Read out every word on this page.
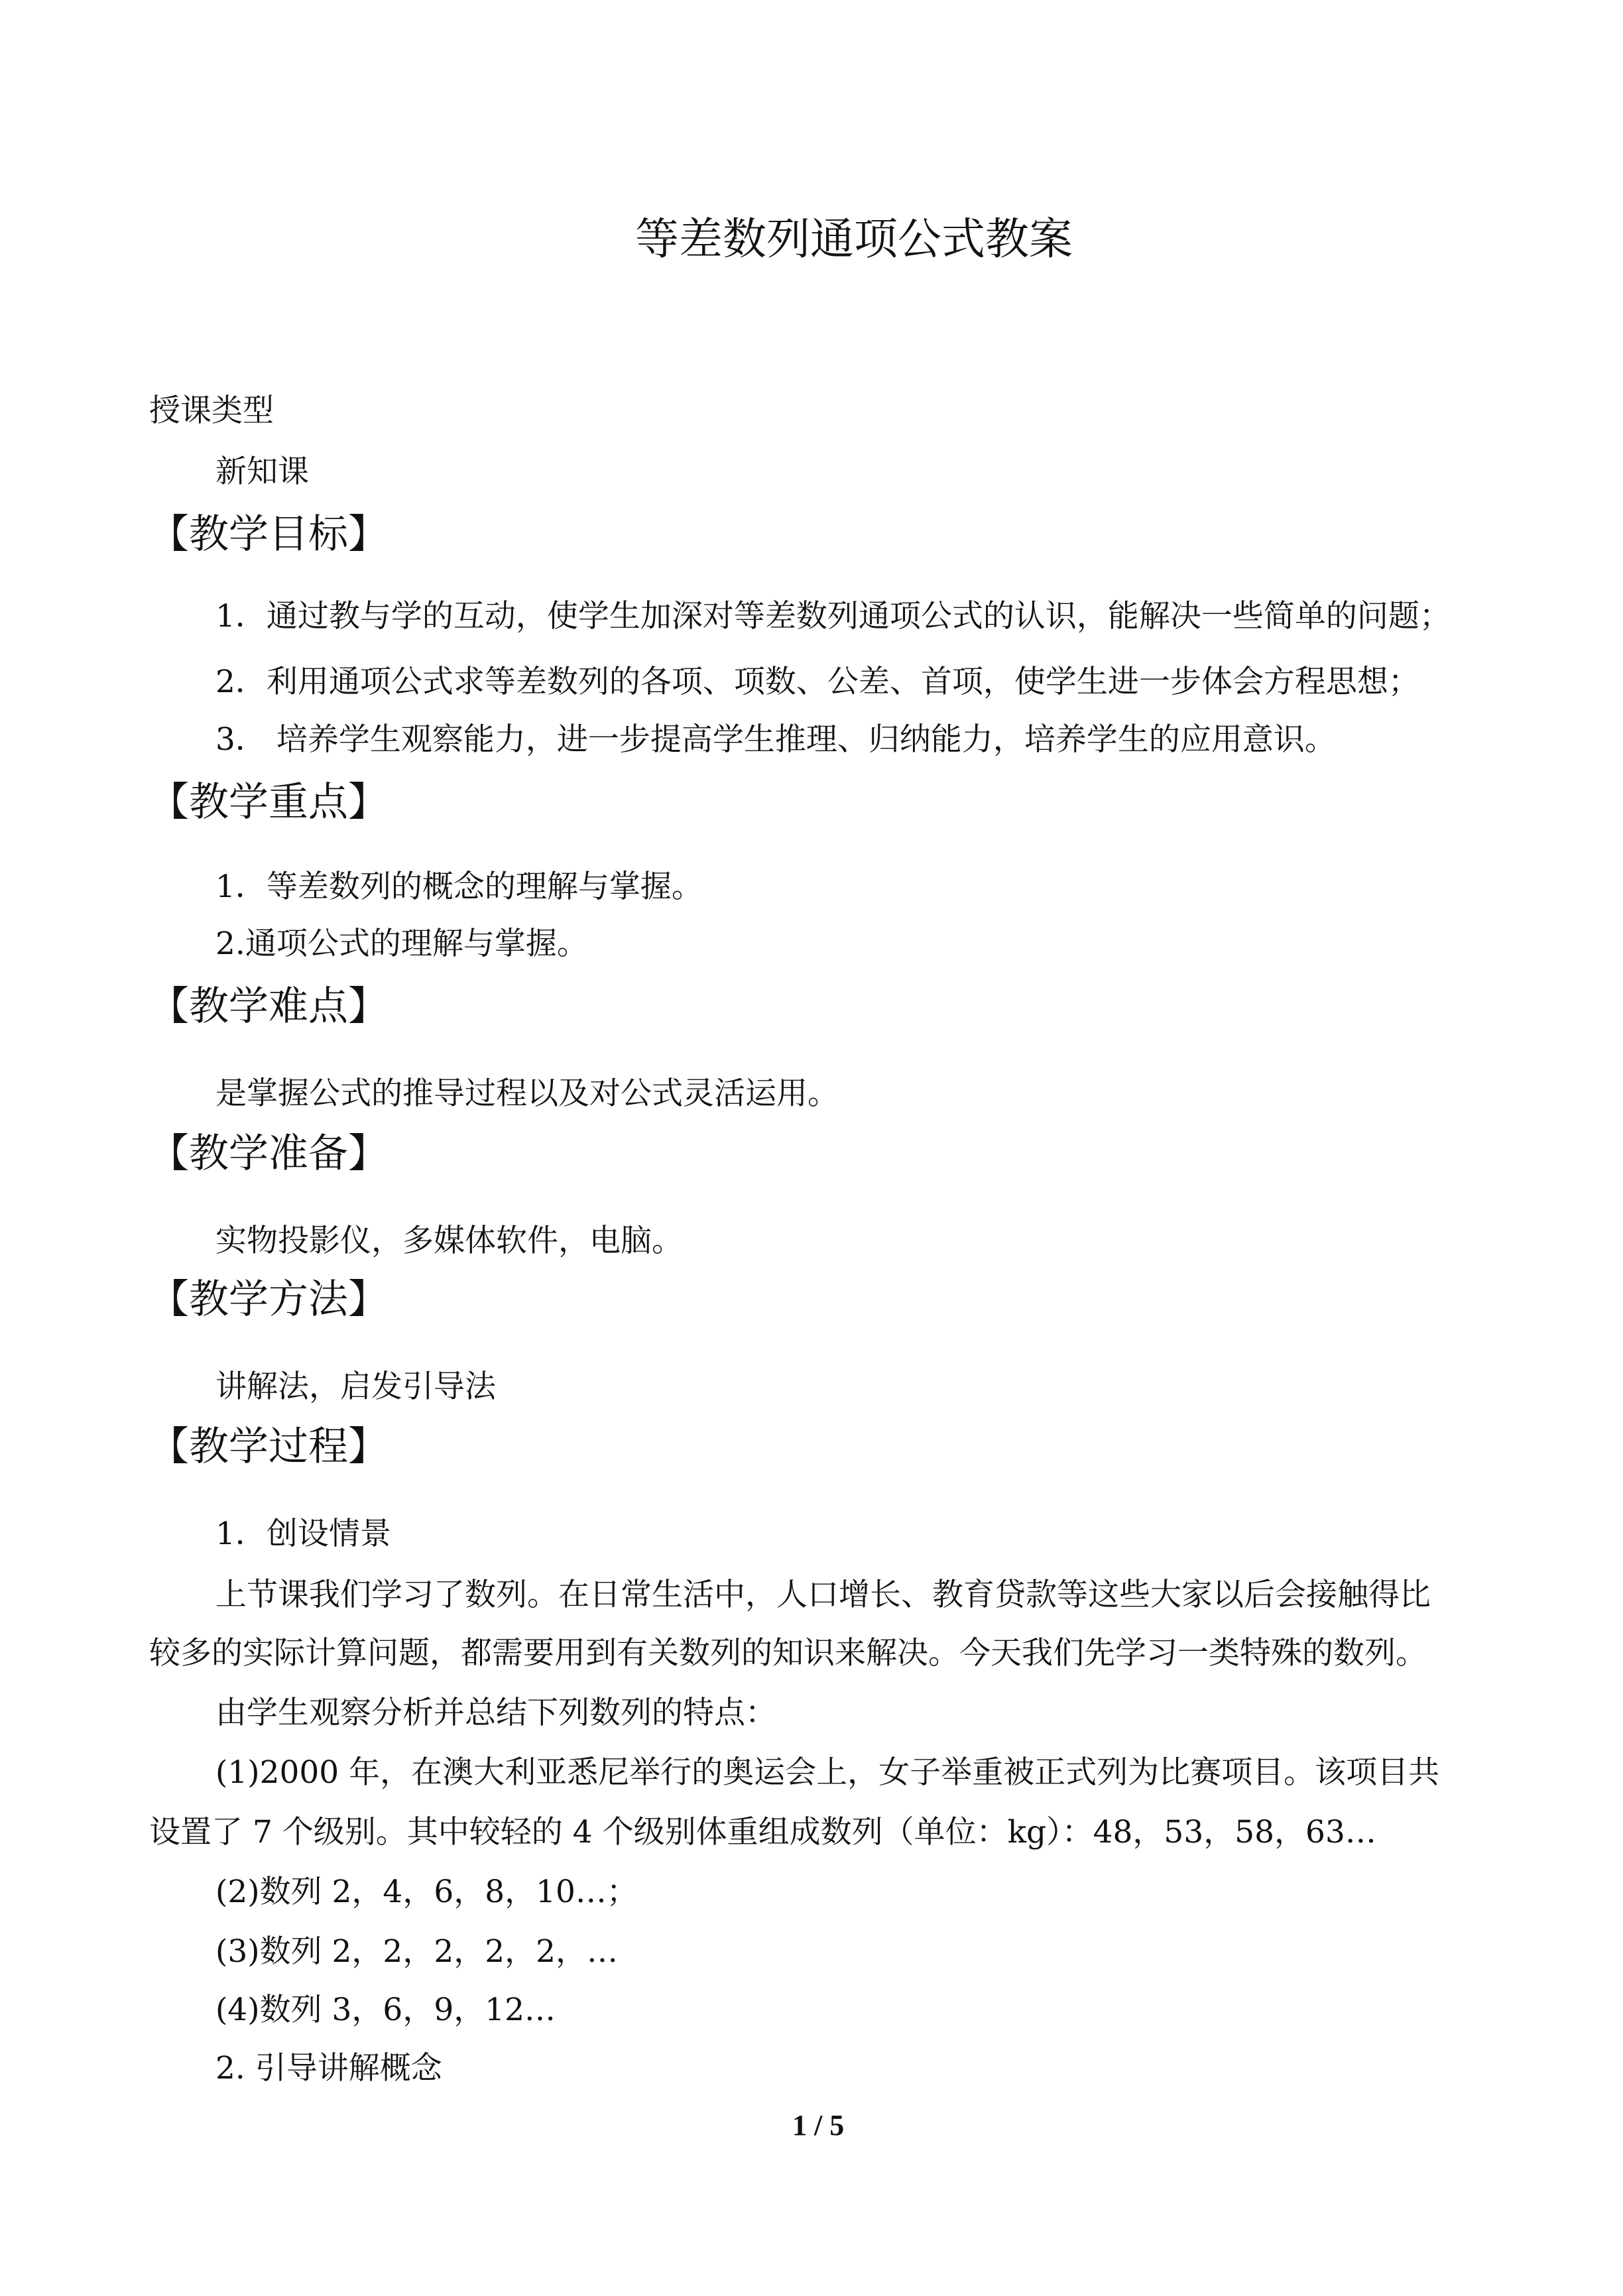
等差数列通项公式教案
授课类型
新知课
【教学目标】
1．通过教与学的互动，使学生加深对等差数列通项公式的认识，能解决一些简单的问题；
2．利用通项公式求等差数列的各项、项数、公差、首项，使学生进一步体会方程思想；
3． 培养学生观察能力，进一步提高学生推理、归纳能力，培养学生的应用意识。
【教学重点】
1．等差数列的概念的理解与掌握。
2.通项公式的理解与掌握。
【教学难点】
是掌握公式的推导过程以及对公式灵活运用。
【教学准备】
实物投影仪，多媒体软件，电脑。
【教学方法】
讲解法，启发引导法
【教学过程】
1．创设情景
上节课我们学习了数列。在日常生活中，人口增长、教育贷款等这些大家以后会接触得比
较多的实际计算问题，都需要用到有关数列的知识来解决。今天我们先学习一类特殊的数列。
由学生观察分析并总结下列数列的特点：
(1)2000 年，在澳大利亚悉尼举行的奥运会上，女子举重被正式列为比赛项目。该项目共
设置了 7 个级别。其中较轻的 4 个级别体重组成数列（单位：kg）：48，53，58，63…
(2)数列 2，4，6，8，10…；
(3)数列 2，2，2，2，2，…
(4)数列 3，6，9，12…
2. 引导讲解概念
1 / 5
